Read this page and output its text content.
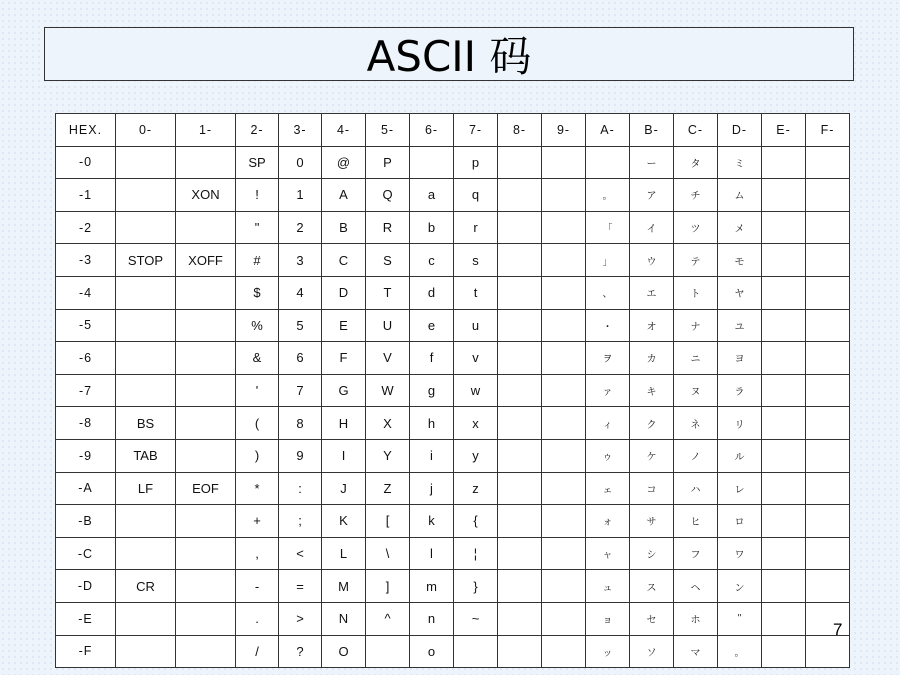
ASCII 码
HEX.	0-	1-	2-	3-	4-	5-	6-	7-	8-	9-	A-	B-	C-	D-	E-	F-
-0			SP	0	@	P		p				ー	タ	ミ		
-1		XON	!	1	A	Q	a	q			。	ア	チ	ム		
-2			"	2	B	R	b	r			「	イ	ツ	メ		
-3	STOP	XOFF	#	3	C	S	c	s			」	ウ	テ	モ		
-4			$	4	D	T	d	t			、	エ	ト	ヤ		
-5			%	5	E	U	e	u			・	オ	ナ	ユ		
-6			&	6	F	V	f	v			ヲ	カ	ニ	ヨ		
-7			'	7	G	W	g	w			ァ	キ	ヌ	ラ		
-8	BS		(	8	H	X	h	x			ィ	ク	ネ	リ		
-9	TAB		)	9	I	Y	i	y			ゥ	ケ	ノ	ル		
-A	LF	EOF	*	:	J	Z	j	z			ェ	コ	ハ	レ		
-B			+	;	K	[	k	{			ォ	サ	ヒ	ロ		
-C			,	<	L	\	l	¦			ャ	シ	フ	ワ		
-D	CR		-	=	M	]	m	}			ュ	ス	ヘ	ン		
-E			.	>	N	^	n	~			ョ	セ	ホ	"		
-F			/	?	O		o				ッ	ソ	マ	。		
7
